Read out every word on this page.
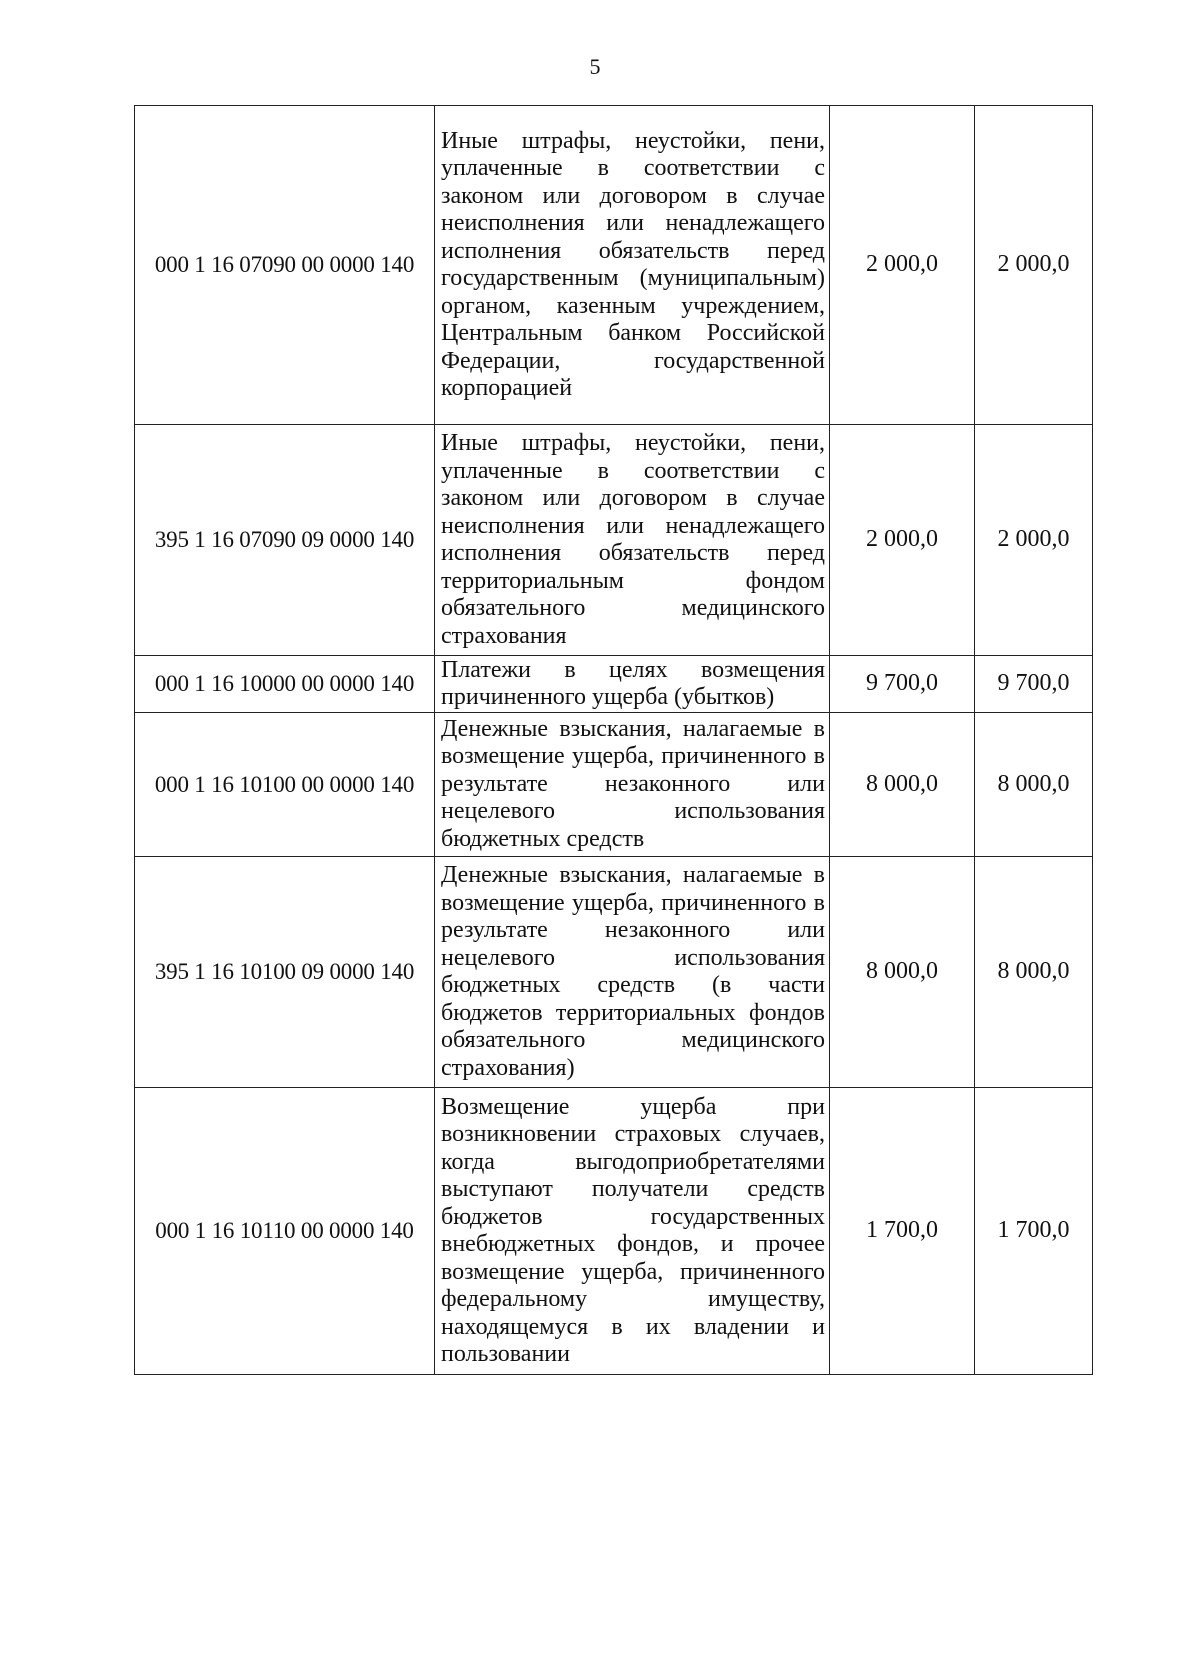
5
000 1 16 07090 00 0000 140	Иные штрафы, неустойки, пени, уплаченные в соответствии с законом или договором в случае неисполнения или ненадлежащего исполнения обязательств перед государственным (муниципальным) органом, казенным учреждением, Центральным банком Российской Федерации, государственной корпорацией	2 000,0	2 000,0
395 1 16 07090 09 0000 140	Иные штрафы, неустойки, пени, уплаченные в соответствии с законом или договором в случае неисполнения или ненадлежащего исполнения обязательств перед территориальным фондом обязательного медицинского страхования	2 000,0	2 000,0
000 1 16 10000 00 0000 140	Платежи в целях возмещения причиненного ущерба (убытков)	9 700,0	9 700,0
000 1 16 10100 00 0000 140	Денежные взыскания, налагаемые в возмещение ущерба, причиненного в результате незаконного или нецелевого использования бюджетных средств	8 000,0	8 000,0
395 1 16 10100 09 0000 140	Денежные взыскания, налагаемые в возмещение ущерба, причиненного в результате незаконного или нецелевого использования бюджетных средств (в части бюджетов территориальных фондов обязательного медицинского страхования)	8 000,0	8 000,0
000 1 16 10110 00 0000 140	Возмещение ущерба при возникновении страховых случаев, когда выгодоприобретателями выступают получатели средств бюджетов государственных внебюджетных фондов, и прочее возмещение ущерба, причиненного федеральному имуществу, находящемуся в их владении и пользовании	1 700,0	1 700,0
